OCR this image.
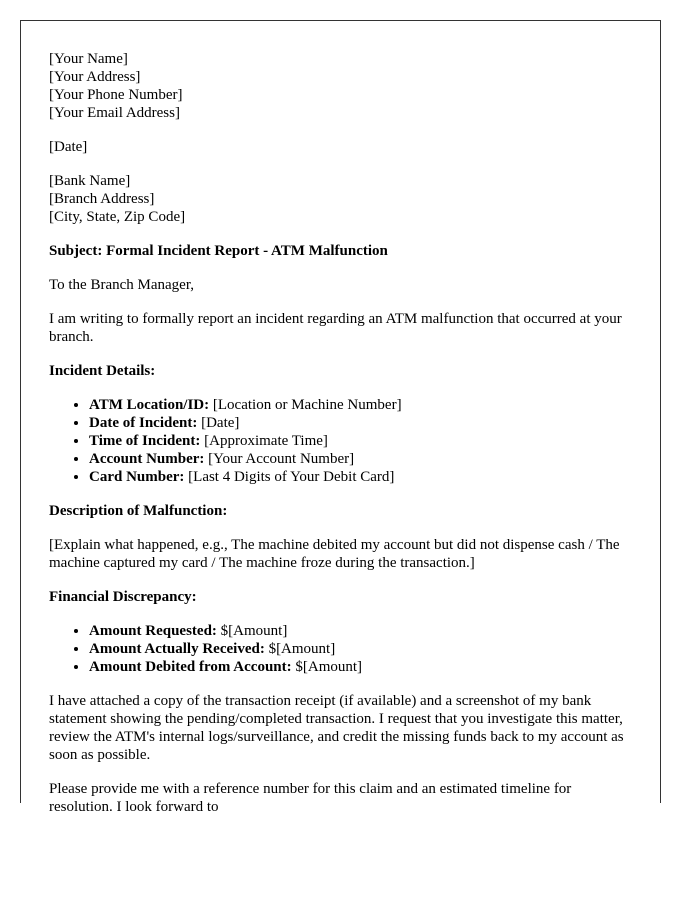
[Your Name]
[Your Address]
[Your Phone Number]
[Your Email Address]

[Date]

[Bank Name]
[Branch Address]
[City, State, Zip Code]

Subject: Formal Incident Report - ATM Malfunction

To the Branch Manager,

I am writing to formally report an incident regarding an ATM malfunction that occurred at your branch.

Incident Details:

• ATM Location/ID: [Location or Machine Number]
• Date of Incident: [Date]
• Time of Incident: [Approximate Time]
• Account Number: [Your Account Number]
• Card Number: [Last 4 Digits of Your Debit Card]

Description of Malfunction:

[Explain what happened, e.g., The machine debited my account but did not dispense cash / The machine captured my card / The machine froze during the transaction.]

Financial Discrepancy:

• Amount Requested: $[Amount]
• Amount Actually Received: $[Amount]
• Amount Debited from Account: $[Amount]

I have attached a copy of the transaction receipt (if available) and a screenshot of my bank statement showing the pending/completed transaction. I request that you investigate this matter, review the ATM's internal logs/surveillance, and credit the missing funds back to my account as soon as possible.

Please provide me with a reference number for this claim and an estimated timeline for resolution. I look forward to
